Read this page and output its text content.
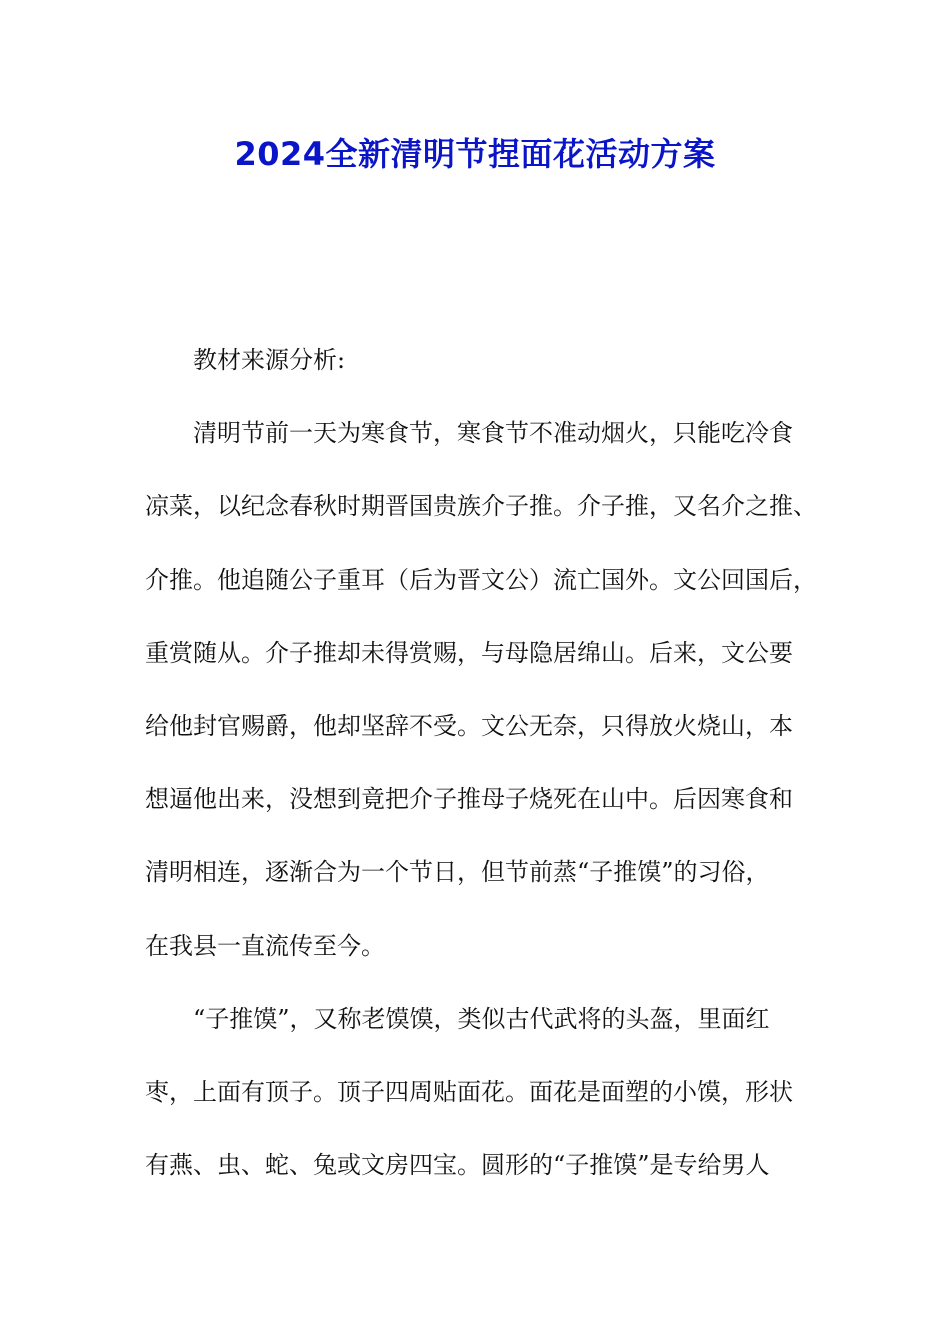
2024全新清明节捏面花活动方案
教材来源分析:
清明节前一天为寒食节，寒食节不准动烟火，只能吃冷食
凉菜，以纪念春秋时期晋国贵族介子推。介子推，又名介之推、
介推。他追随公子重耳（后为晋文公）流亡国外。文公回国后，
重赏随从。介子推却未得赏赐，与母隐居绵山。后来，文公要
给他封官赐爵，他却坚辞不受。文公无奈，只得放火烧山，本
想逼他出来，没想到竟把介子推母子烧死在山中。后因寒食和
清明相连，逐渐合为一个节日，但节前蒸“子推馍”的习俗，
在我县一直流传至今。
“子推馍”，又称老馍馍，类似古代武将的头盔，里面红
枣，上面有顶子。顶子四周贴面花。面花是面塑的小馍，形状
有燕、虫、蛇、兔或文房四宝。圆形的“子推馍”是专给男人
